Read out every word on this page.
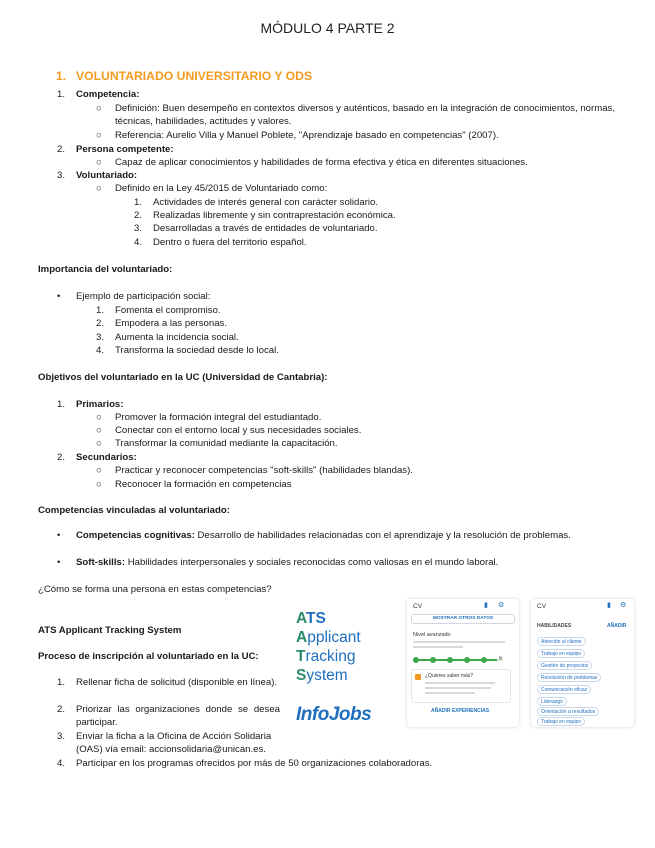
MÓDULO 4 PARTE 2
1. VOLUNTARIADO UNIVERSITARIO Y ODS
1. Competencia:
○ Definición: Buen desempeño en contextos diversos y auténticos, basado en la integración de conocimientos, normas, técnicas, habilidades, actitudes y valores.
○ Referencia: Aurelio Villa y Manuel Poblete, "Aprendizaje basado en competencias" (2007).
2. Persona competente:
○ Capaz de aplicar conocimientos y habilidades de forma efectiva y ética en diferentes situaciones.
3. Voluntariado:
○ Definido en la Ley 45/2015 de Voluntariado como:
1. Actividades de interés general con carácter solidario.
2. Realizadas libremente y sin contraprestación económica.
3. Desarrolladas a través de entidades de voluntariado.
4. Dentro o fuera del territorio español.
Importancia del voluntariado:
• Ejemplo de participación social:
1. Fomenta el compromiso.
2. Empodera a las personas.
3. Aumenta la incidencia social.
4. Transforma la sociedad desde lo local.
Objetivos del voluntariado en la UC (Universidad de Cantabria):
1. Primarios:
○ Promover la formación integral del estudiantado.
○ Conectar con el entorno local y sus necesidades sociales.
○ Transformar la comunidad mediante la capacitación.
2. Secundarios:
○ Practicar y reconocer competencias "soft-skills" (habilidades blandas).
○ Reconocer la formación en competencias
Competencias vinculadas al voluntariado:
• Competencias cognitivas: Desarrollo de habilidades relacionadas con el aprendizaje y la resolución de problemas.
• Soft-skills: Habilidades interpersonales y sociales reconocidas como valiosas en el mundo laboral.
¿Cómo se forma una persona en estas competencias?
ATS Applicant Tracking System
Proceso de inscripción al voluntariado en la UC:
1. Rellenar ficha de solicitud (disponible en línea).
2. Priorizar las organizaciones donde se desea participar.
3. Enviar la ficha a la Oficina de Acción Solidaria (OAS) vía email: accionsolidaria@unican.es.
4. Participar en los programas ofrecidos por más de 50 organizaciones colaboradoras.
ATS
Applicant
Tracking
System
InfoJobs
CV	▮ ⚙
MOSTRAR OTROS DATOS
Nivel avanzado
✕
¿Quieres saber más?
AÑADIR EXPERIENCIAS
CV	▮ ⚙
HABILIDADES	AÑADIR
Atención al cliente
Trabajo en equipo
Gestión de proyectos
Resolución de problemas
Comunicación eficaz
Liderazgo
Orientación a resultados
Trabajo en equipo
